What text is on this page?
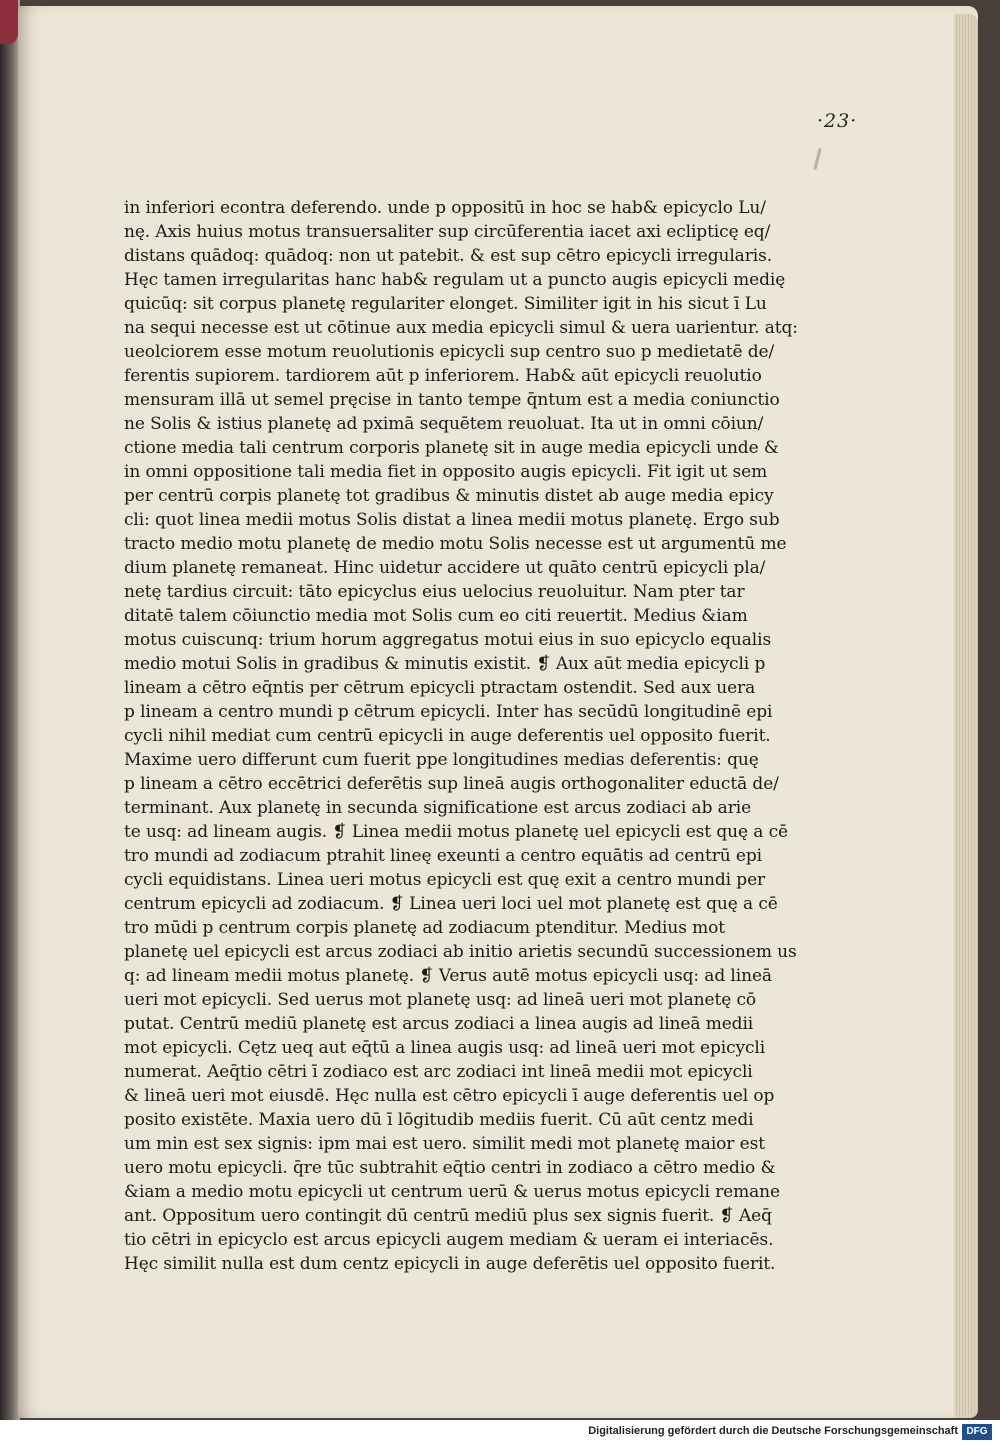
·23·
in inferiori econtra deferendo. unde p oppositū in hoc se hab& epicyclo Lu/
nę. Axis huius motus transuersaliter sup circūferentia iacet axi eclipticę eq/
distans quādoq: quādoq: non ut patebit. & est sup cētro epicycli irregularis.
Hęc tamen irregularitas hanc hab& regulam ut a puncto augis epicycli medię
quicūq: sit corpus planetę regulariter elonget. Similiter igit in his sicut ī Lu
na sequi necesse est ut cōtinue aux media epicycli simul & uera uarientur. atq:
ueolciorem esse motum reuolutionis epicycli sup centro suo p medietatē de/
ferentis supiorem. tardiorem aūt p inferiorem. Hab& aūt epicycli reuolutio
mensuram illā ut semel pręcise in tanto tempe q̄ntum est a media coniunctio
ne Solis & istius planetę ad pximā sequētem reuoluat. Ita ut in omni cōiun/
ctione media tali centrum corporis planetę sit in auge media epicycli unde &
in omni oppositione tali media fiet in opposito augis epicycli. Fit igit ut sem
per centrū corpis planetę tot gradibus & minutis distet ab auge media epicy
cli: quot linea medii motus Solis distat a linea medii motus planetę. Ergo sub
tracto medio motu planetę de medio motu Solis necesse est ut argumentū me
dium planetę remaneat. Hinc uidetur accidere ut quāto centrū epicycli pla/
netę tardius circuit: tāto epicyclus eius uelocius reuoluitur. Nam pter tar
ditatē talem cōiunctio media mot Solis cum eo citi reuertit. Medius &iam
motus cuiscunq: trium horum aggregatus motui eius in suo epicyclo equalis
medio motui Solis in gradibus & minutis existit. ❡ Aux aūt media epicycli p
lineam a cētro eq̄ntis per cētrum epicycli ptractam ostendit. Sed aux uera
p lineam a centro mundi p cētrum epicycli. Inter has secūdū longitudinē epi
cycli nihil mediat cum centrū epicycli in auge deferentis uel opposito fuerit.
Maxime uero differunt cum fuerit ppe longitudines medias deferentis: quę
p lineam a cētro eccētrici deferētis sup lineā augis orthogonaliter eductā de/
terminant. Aux planetę in secunda significatione est arcus zodiaci ab arie
te usq: ad lineam augis. ❡ Linea medii motus planetę uel epicycli est quę a cē
tro mundi ad zodiacum ptrahit lineę exeunti a centro equātis ad centrū epi
cycli equidistans. Linea ueri motus epicycli est quę exit a centro mundi per
centrum epicycli ad zodiacum. ❡ Linea ueri loci uel mot planetę est quę a cē
tro mūdi p centrum corpis planetę ad zodiacum ptenditur. Medius mot
planetę uel epicycli est arcus zodiaci ab initio arietis secundū successionem us
q: ad lineam medii motus planetę. ❡ Verus autē motus epicycli usq: ad lineā
ueri mot epicycli. Sed uerus mot planetę usq: ad lineā ueri mot planetę cō
putat. Centrū mediū planetę est arcus zodiaci a linea augis ad lineā medii
mot epicycli. Cętz ueq aut eq̄tū a linea augis usq: ad lineā ueri mot epicycli
numerat. Aeq̄tio cētri ī zodiaco est arc zodiaci int lineā medii mot epicycli
& lineā ueri mot eiusdē. Hęc nulla est cētro epicycli ī auge deferentis uel op
posito existēte. Maxia uero dū ī lōgitudib mediis fuerit. Cū aūt centz medi
um min est sex signis: ipm mai est uero. similit medi mot planetę maior est
uero motu epicycli. q̄re tūc subtrahit eq̄tio centri in zodiaco a cētro medio &
&iam a medio motu epicycli ut centrum uerū & uerus motus epicycli remane
ant. Oppositum uero contingit dū centrū mediū plus sex signis fuerit. ❡ Aeq̄
tio cētri in epicyclo est arcus epicycli augem mediam & ueram ei interiacēs.
Hęc similit nulla est dum centz epicycli in auge deferētis uel opposito fuerit.
Digitalisierung gefördert durch die Deutsche Forschungsgemeinschaft DFG
